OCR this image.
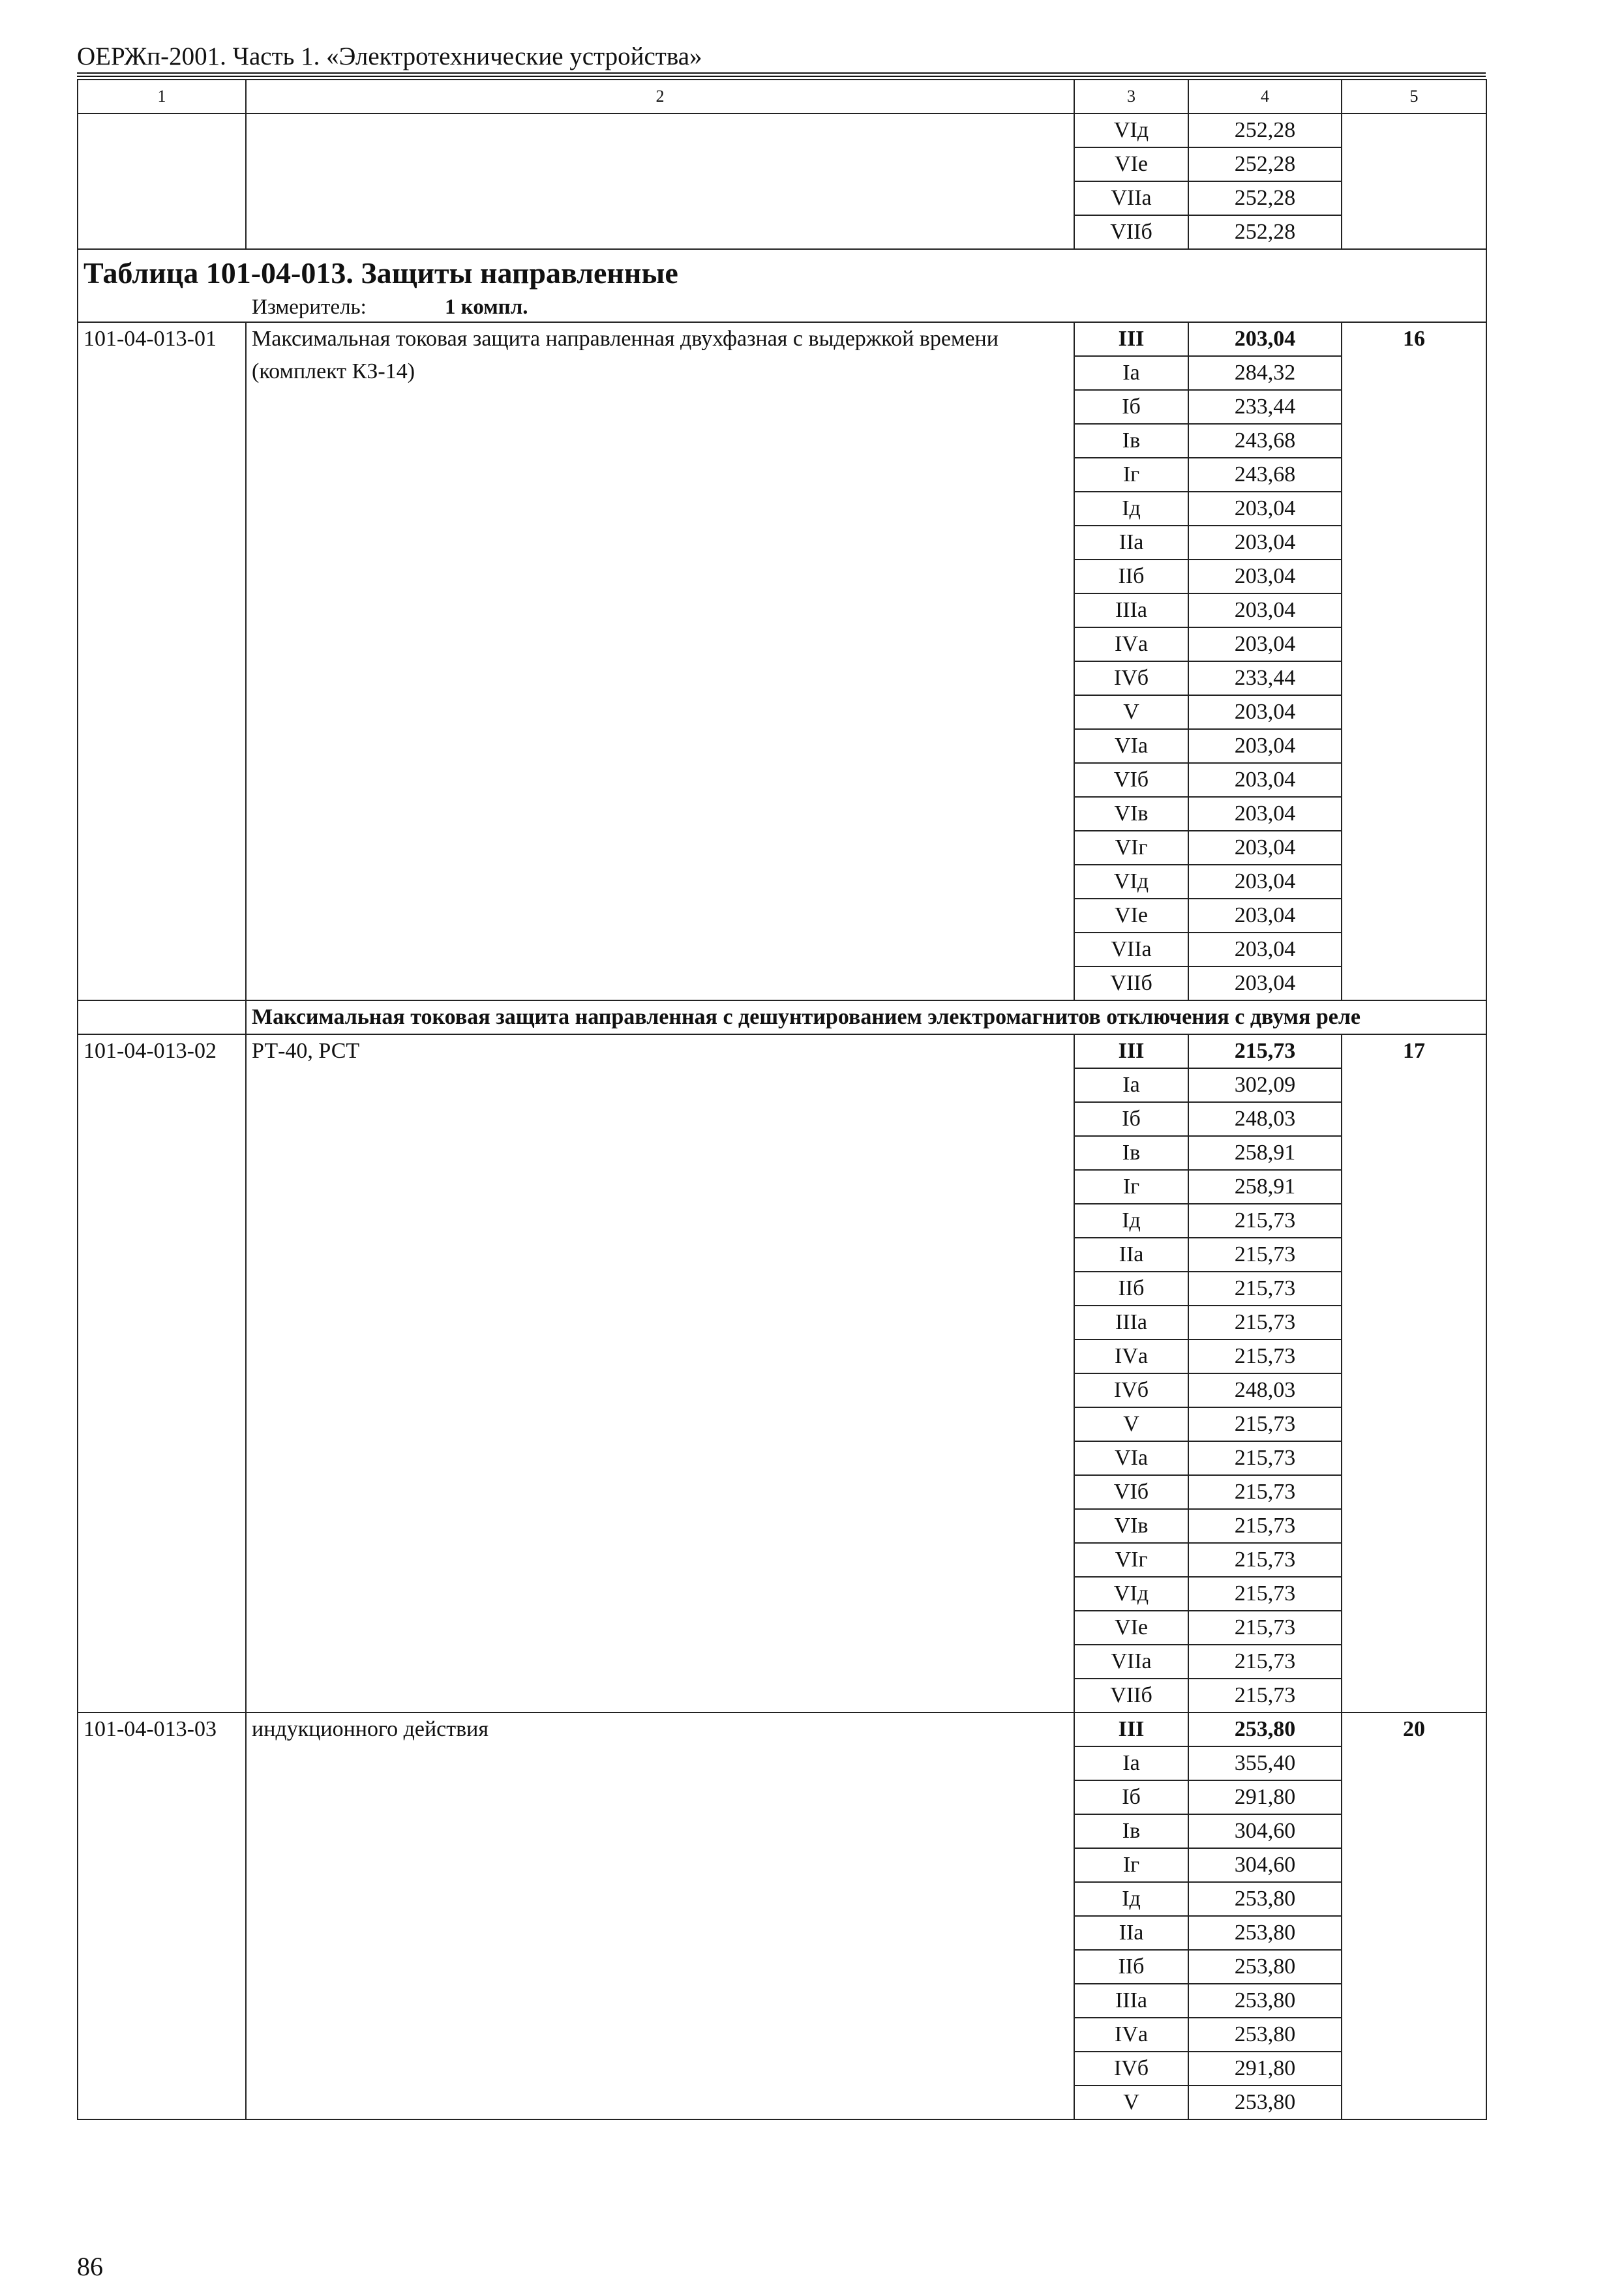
ОЕРЖп-2001. Часть 1. «Электротехнические устройства»
1	2	3	4	5
		VIд	252,28	
		VIе	252,28	
		VIIа	252,28	
		VIIб	252,28	

Таблица 101-04-013. Защиты направленные
Измеритель: 1 компл.				

101-04-013-01	Максимальная токовая защита направленная двухфазная с выдержкой времени (комплект КЗ-14)	III	203,04	16
		Iа	284,32	
		Iб	233,44	
		Iв	243,68	
		Iг	243,68	
		Iд	203,04	
		IIа	203,04	
		IIб	203,04	
		IIIа	203,04	
		IVа	203,04	
		IVб	233,44	
		V	203,04	
		VIа	203,04	
		VIб	203,04	
		VIв	203,04	
		VIг	203,04	
		VIд	203,04	
		VIе	203,04	
		VIIа	203,04	
		VIIб	203,04	
	Максимальная токовая защита направленная с дешунтированием электромагнитов отключения с двумя реле			
101-04-013-02	РТ-40, РСТ	III	215,73	17
		Iа	302,09	
		Iб	248,03	
		Iв	258,91	
		Iг	258,91	
		Iд	215,73	
		IIа	215,73	
		IIб	215,73	
		IIIа	215,73	
		IVа	215,73	
		IVб	248,03	
		V	215,73	
		VIа	215,73	
		VIб	215,73	
		VIв	215,73	
		VIг	215,73	
		VIд	215,73	
		VIе	215,73	
		VIIа	215,73	
		VIIб	215,73	
101-04-013-03	индукционного действия	III	253,80	20
		Iа	355,40	
		Iб	291,80	
		Iв	304,60	
		Iг	304,60	
		Iд	253,80	
		IIа	253,80	
		IIб	253,80	
		IIIа	253,80	
		IVа	253,80	
		IVб	291,80	
		V	253,80	
86
